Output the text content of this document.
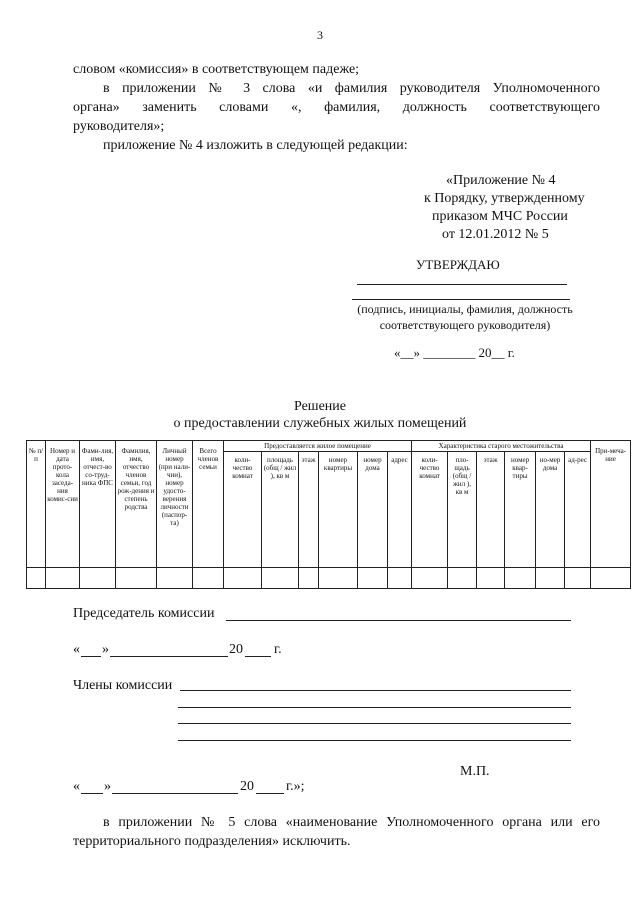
3
словом «комиссия» в соответствующем падеже;
в приложении № 3 слова «и фамилия руководителя Уполномоченного
органа» заменить словами «, фамилия, должность соответствующего
руководителя»;
приложение № 4 изложить в следующей редакции:
«Приложение № 4
к Порядку, утвержденному
приказом МЧС России
от 12.01.2012 № 5
УТВЕРЖДАЮ
(подпись, инициалы, фамилия, должность
соответствующего руководителя)
«__» ________ 20__ г.
Решение
о предоставлении служебных жилых помещений
№ п/п	Номер и дата прото-кола заседа-ния комис-сии	Фами-лия, имя, отчест-во со-труд-ника ФПС	Фамилия, имя, отчество членов семьи, год рож-дения и степень родства	Личный номер (при нали-чии), номер удосто-верения личности (паспор-та)	Всего членов семьи	Предоставляется жилое помещение						Характеристика старого местожительства						При-меча-ние
						коли-чество комнат	площадь (общ / жил ), кв м	этаж	номер квартиры	номер дома	адрес	коли-чество комнат	пло-щадь (общ / жил ), кв м	этаж	номер квар-тиры	но-мер дома	ад-рес	

Председатель комиссии
« »	20 г.
Члены комиссии
М.П.
« »	20 г.»;
в приложении № 5 слова «наименование Уполномоченного органа или его
территориального подразделения» исключить.
